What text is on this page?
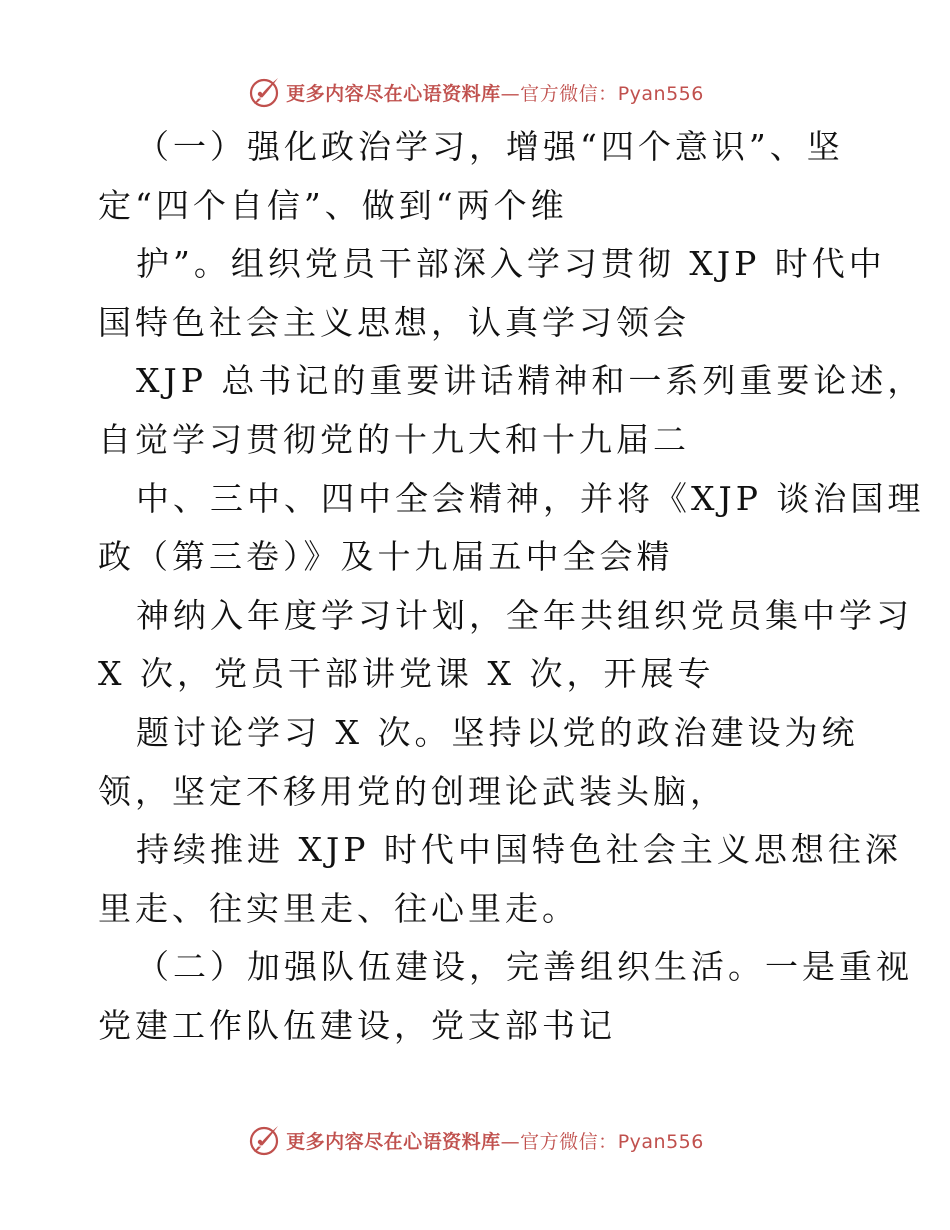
更多内容尽在心语资料库—官方微信：Pyan556
（一）强化政治学习，增强“四个意识”、坚
定“四个自信”、做到“两个维
护”。组织党员干部深入学习贯彻 XJP 时代中
国特色社会主义思想，认真学习领会
XJP 总书记的重要讲话精神和一系列重要论述，
自觉学习贯彻党的十九大和十九届二
中、三中、四中全会精神，并将《XJP 谈治国理
政（第三卷）》及十九届五中全会精
神纳入年度学习计划，全年共组织党员集中学习
X 次，党员干部讲党课 X 次，开展专
题讨论学习 X 次。坚持以党的政治建设为统
领，坚定不移用党的创理论武装头脑，
持续推进 XJP 时代中国特色社会主义思想往深
里走、往实里走、往心里走。
（二）加强队伍建设，完善组织生活。一是重视
党建工作队伍建设，党支部书记
更多内容尽在心语资料库—官方微信：Pyan556
